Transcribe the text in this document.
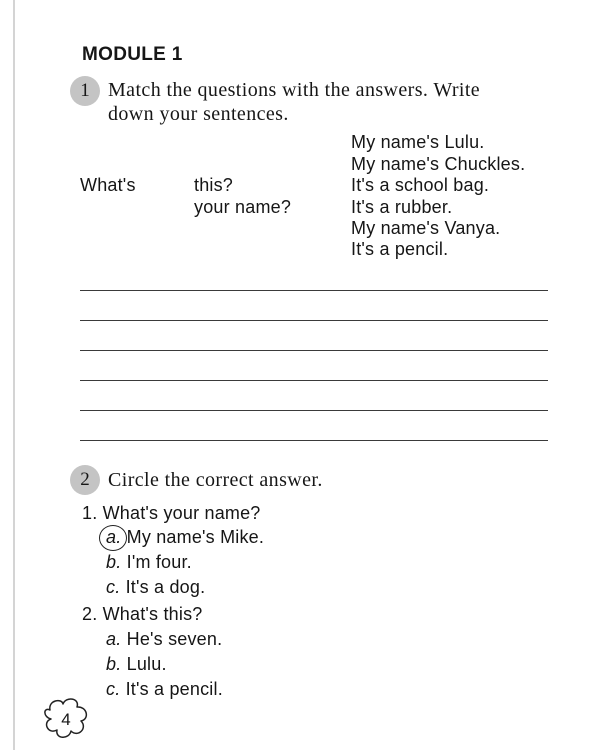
MODULE 1
1 Match the questions with the answers. Write
down your sentences.
What's	this?
your name?
My name's Lulu.
My name's Chuckles.
It's a school bag.
It's a rubber.
My name's Vanya.
It's a pencil.
2 Circle the correct answer.
1. What's your name?
a. My name's Mike.
b. I'm four.
c. It's a dog.
2. What's this?
a. He's seven.
b. Lulu.
c. It's a pencil.
4
